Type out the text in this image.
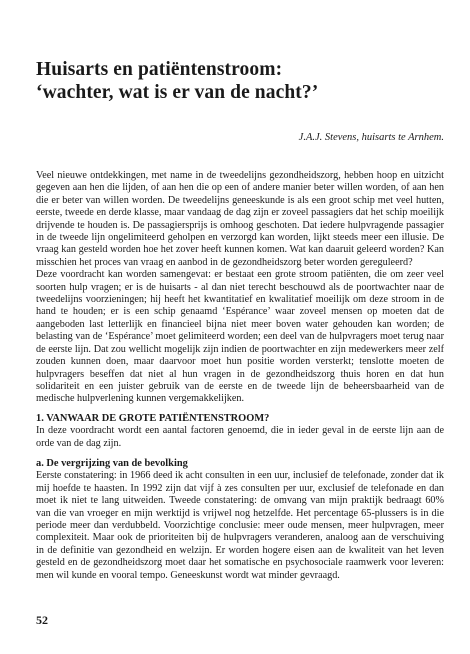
Huisarts en patiëntenstroom:
‘wachter, wat is er van de nacht?’
J.A.J. Stevens, huisarts te Arnhem.

Veel nieuwe ontdekkingen, met name in de tweedelijns gezondheidszorg, hebben hoop en uitzicht gegeven aan hen die lijden, of aan hen die op een of andere manier beter willen worden, of aan hen die er beter van willen worden. De tweedelijns geneeskunde is als een groot schip met veel hutten, eerste, tweede en derde klasse, maar vandaag de dag zijn er zoveel passagiers dat het schip moeilijk drijvende te houden is. De passagiersprijs is omhoog geschoten. Dat iedere hulpvragende passagier in de tweede lijn ongelimiteerd geholpen en verzorgd kan worden, lijkt steeds meer een illusie. De vraag kan gesteld worden hoe het zover heeft kunnen komen. Wat kan daaruit geleerd worden? Kan misschien het proces van vraag en aanbod in de gezondheidszorg beter worden gereguleerd?

Deze voordracht kan worden samengevat: er bestaat een grote stroom patiënten, die om zeer veel soorten hulp vragen; er is de huisarts - al dan niet terecht beschouwd als de poortwachter naar de tweedelijns voorzieningen; hij heeft het kwantitatief en kwalitatief moeilijk om deze stroom in de hand te houden; er is een schip genaamd ‘Espérance’ waar zoveel mensen op moeten dat de aangeboden last letterlijk en financieel bijna niet meer boven water gehouden kan worden; de belasting van de ‘Espérance’ moet gelimiteerd worden; een deel van de hulpvragers moet terug naar de eerste lijn. Dat zou wellicht mogelijk zijn indien de poortwachter en zijn medewerkers meer zelf zouden kunnen doen, maar daarvoor moet hun positie worden versterkt; tenslotte moeten de hulpvragers beseffen dat niet al hun vragen in de gezondheidszorg thuis horen en dat hun solidariteit en een juister gebruik van de eerste en de tweede lijn de beheersbaarheid van de medische hulpverlening kunnen vergemakkelijken.

1. VANWAAR DE GROTE PATIËNTENSTROOM?

In deze voordracht wordt een aantal factoren genoemd, die in ieder geval in de eerste lijn aan de orde van de dag zijn.

a. De vergrijzing van de bevolking

Eerste constatering: in 1966 deed ik acht consulten in een uur, inclusief de telefonade, zonder dat ik mij hoefde te haasten. In 1992 zijn dat vijf à zes consulten per uur, exclusief de telefonade en dan moet ik niet te lang uitweiden. Tweede constatering: de omvang van mijn praktijk bedraagt 60% van die van vroeger en mijn werktijd is vrijwel nog hetzelfde. Het percentage 65-plussers is in die periode meer dan verdubbeld. Voorzichtige conclusie: meer oude mensen, meer hulpvragen, meer complexiteit. Maar ook de prioriteiten bij de hulpvragers veranderen, analoog aan de verschuiving in de definitie van gezondheid en welzijn. Er worden hogere eisen aan de kwaliteit van het leven gesteld en de gezondheidszorg moet daar het somatische en psychosociale raamwerk voor leveren: men wil kunde en vooral tempo. Geneeskunst wordt wat minder gevraagd.

52
